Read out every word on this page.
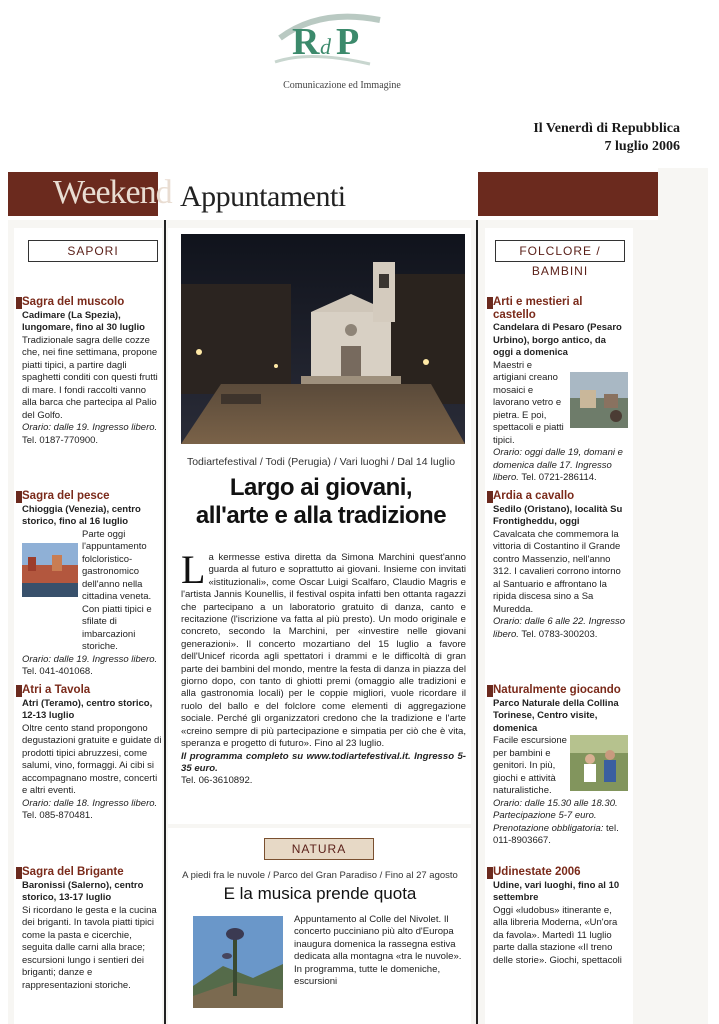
R d P
Comunicazione ed Immagine
Il Venerdì di Repubblica
7 luglio 2006
Weekend Appuntamenti
SAPORI
Sagra del muscolo
Cadimare (La Spezia), lungomare, fino al 30 luglio
Tradizionale sagra delle cozze che, nei fine settimana, propone piatti tipici, a partire dagli spaghetti conditi con questi frutti di mare. I fondi raccolti vanno alla barca che partecipa al Palio del Golfo.
Orario: dalle 19. Ingresso libero. Tel. 0187-770900.
Sagra del pesce
Chioggia (Venezia), centro storico, fino al 16 luglio
Parte oggi l'appuntamento folcloristico-gastronomico dell'anno nella cittadina veneta. Con piatti tipici e sfilate di imbarcazioni storiche.
Orario: dalle 19. Ingresso libero. Tel. 041-401068.
Atri a Tavola
Atri (Teramo), centro storico, 12-13 luglio
Oltre cento stand propongono degustazioni gratuite e guidate di prodotti tipici abruzzesi, come salumi, vino, formaggi. Ai cibi si accompagnano mostre, concerti e altri eventi.
Orario: dalle 18. Ingresso libero. Tel. 085-870481.
Sagra del Brigante
Baronissi (Salerno), centro storico, 13-17 luglio
Si ricordano le gesta e la cucina dei briganti. In tavola piatti tipici come la pasta e cicerchie, seguita dalle carni alla brace; escursioni lungo i sentieri dei briganti; danze e rappresentazioni storiche.
Todiartefestival / Todi (Perugia) / Vari luoghi / Dal 14 luglio
Largo ai giovani,
all'arte e alla tradizione
La kermesse estiva diretta da Simona Marchini quest'anno guarda al futuro e soprattutto ai giovani. Insieme con invitati «istituzionali», come Oscar Luigi Scalfaro, Claudio Magris e l'artista Jannis Kounellis, il festival ospita infatti ben ottanta ragazzi che partecipano a un laboratorio gratuito di danza, canto e recitazione (l'iscrizione va fatta al più presto). Un modo originale e concreto, secondo la Marchini, per «investire nelle giovani generazioni». Il concerto mozartiano del 15 luglio a favore dell'Unicef ricorda agli spettatori i drammi e le difficoltà di gran parte dei bambini del mondo, mentre la festa di danza in piazza del giorno dopo, con tanto di ghiotti premi (omaggio alle tradizioni e alla gastronomia locali) per le coppie migliori, vuole ricordare il ruolo del ballo e del folclore come elementi di aggregazione sociale. Perché gli organizzatori credono che la tradizione e l'arte «creino sempre di più partecipazione e simpatia per ciò che è vita, speranza e progetto di futuro». Fino al 23 luglio.
Il programma completo su www.todiartefestival.it. Ingresso 5-35 euro.
Tel. 06-3610892.
NATURA
A piedi fra le nuvole / Parco del Gran Paradiso / Fino al 27 agosto
E la musica prende quota
Appuntamento al Colle del Nivolet. Il concerto pucciniano più alto d'Europa inaugura domenica la rassegna estiva dedicata alla montagna «tra le nuvole». In programma, tutte le domeniche, escursioni
FOLCLORE / BAMBINI
Arti e mestieri al castello
Candelara di Pesaro (Pesaro Urbino), borgo antico, da oggi a domenica
Maestri e artigiani creano mosaici e lavorano vetro e pietra. E poi, spettacoli e piatti tipici.
Orario: oggi dalle 19, domani e domenica dalle 17. Ingresso libero. Tel. 0721-286114.
Ardia a cavallo
Sedilo (Oristano), località Su Frontigheddu, oggi
Cavalcata che commemora la vittoria di Costantino il Grande contro Massenzio, nell'anno 312. I cavalieri corrono intorno al Santuario e affrontano la ripida discesa sino a Sa Muredda.
Orario: dalle 6 alle 22. Ingresso libero. Tel. 0783-300203.
Naturalmente giocando
Parco Naturale della Collina Torinese, Centro visite, domenica
Facile escursione per bambini e genitori. In più, giochi e attività naturalistiche.
Orario: dalle 15.30 alle 18.30. Partecipazione 5-7 euro. Prenotazione obbligatoria: tel. 011-8903667.
Udinestate 2006
Udine, vari luoghi, fino al 10 settembre
Oggi «ludobus» itinerante e, alla libreria Moderna, «Un'ora da favola». Martedì 11 luglio parte dalla stazione «Il treno delle storie». Giochi, spettacoli
